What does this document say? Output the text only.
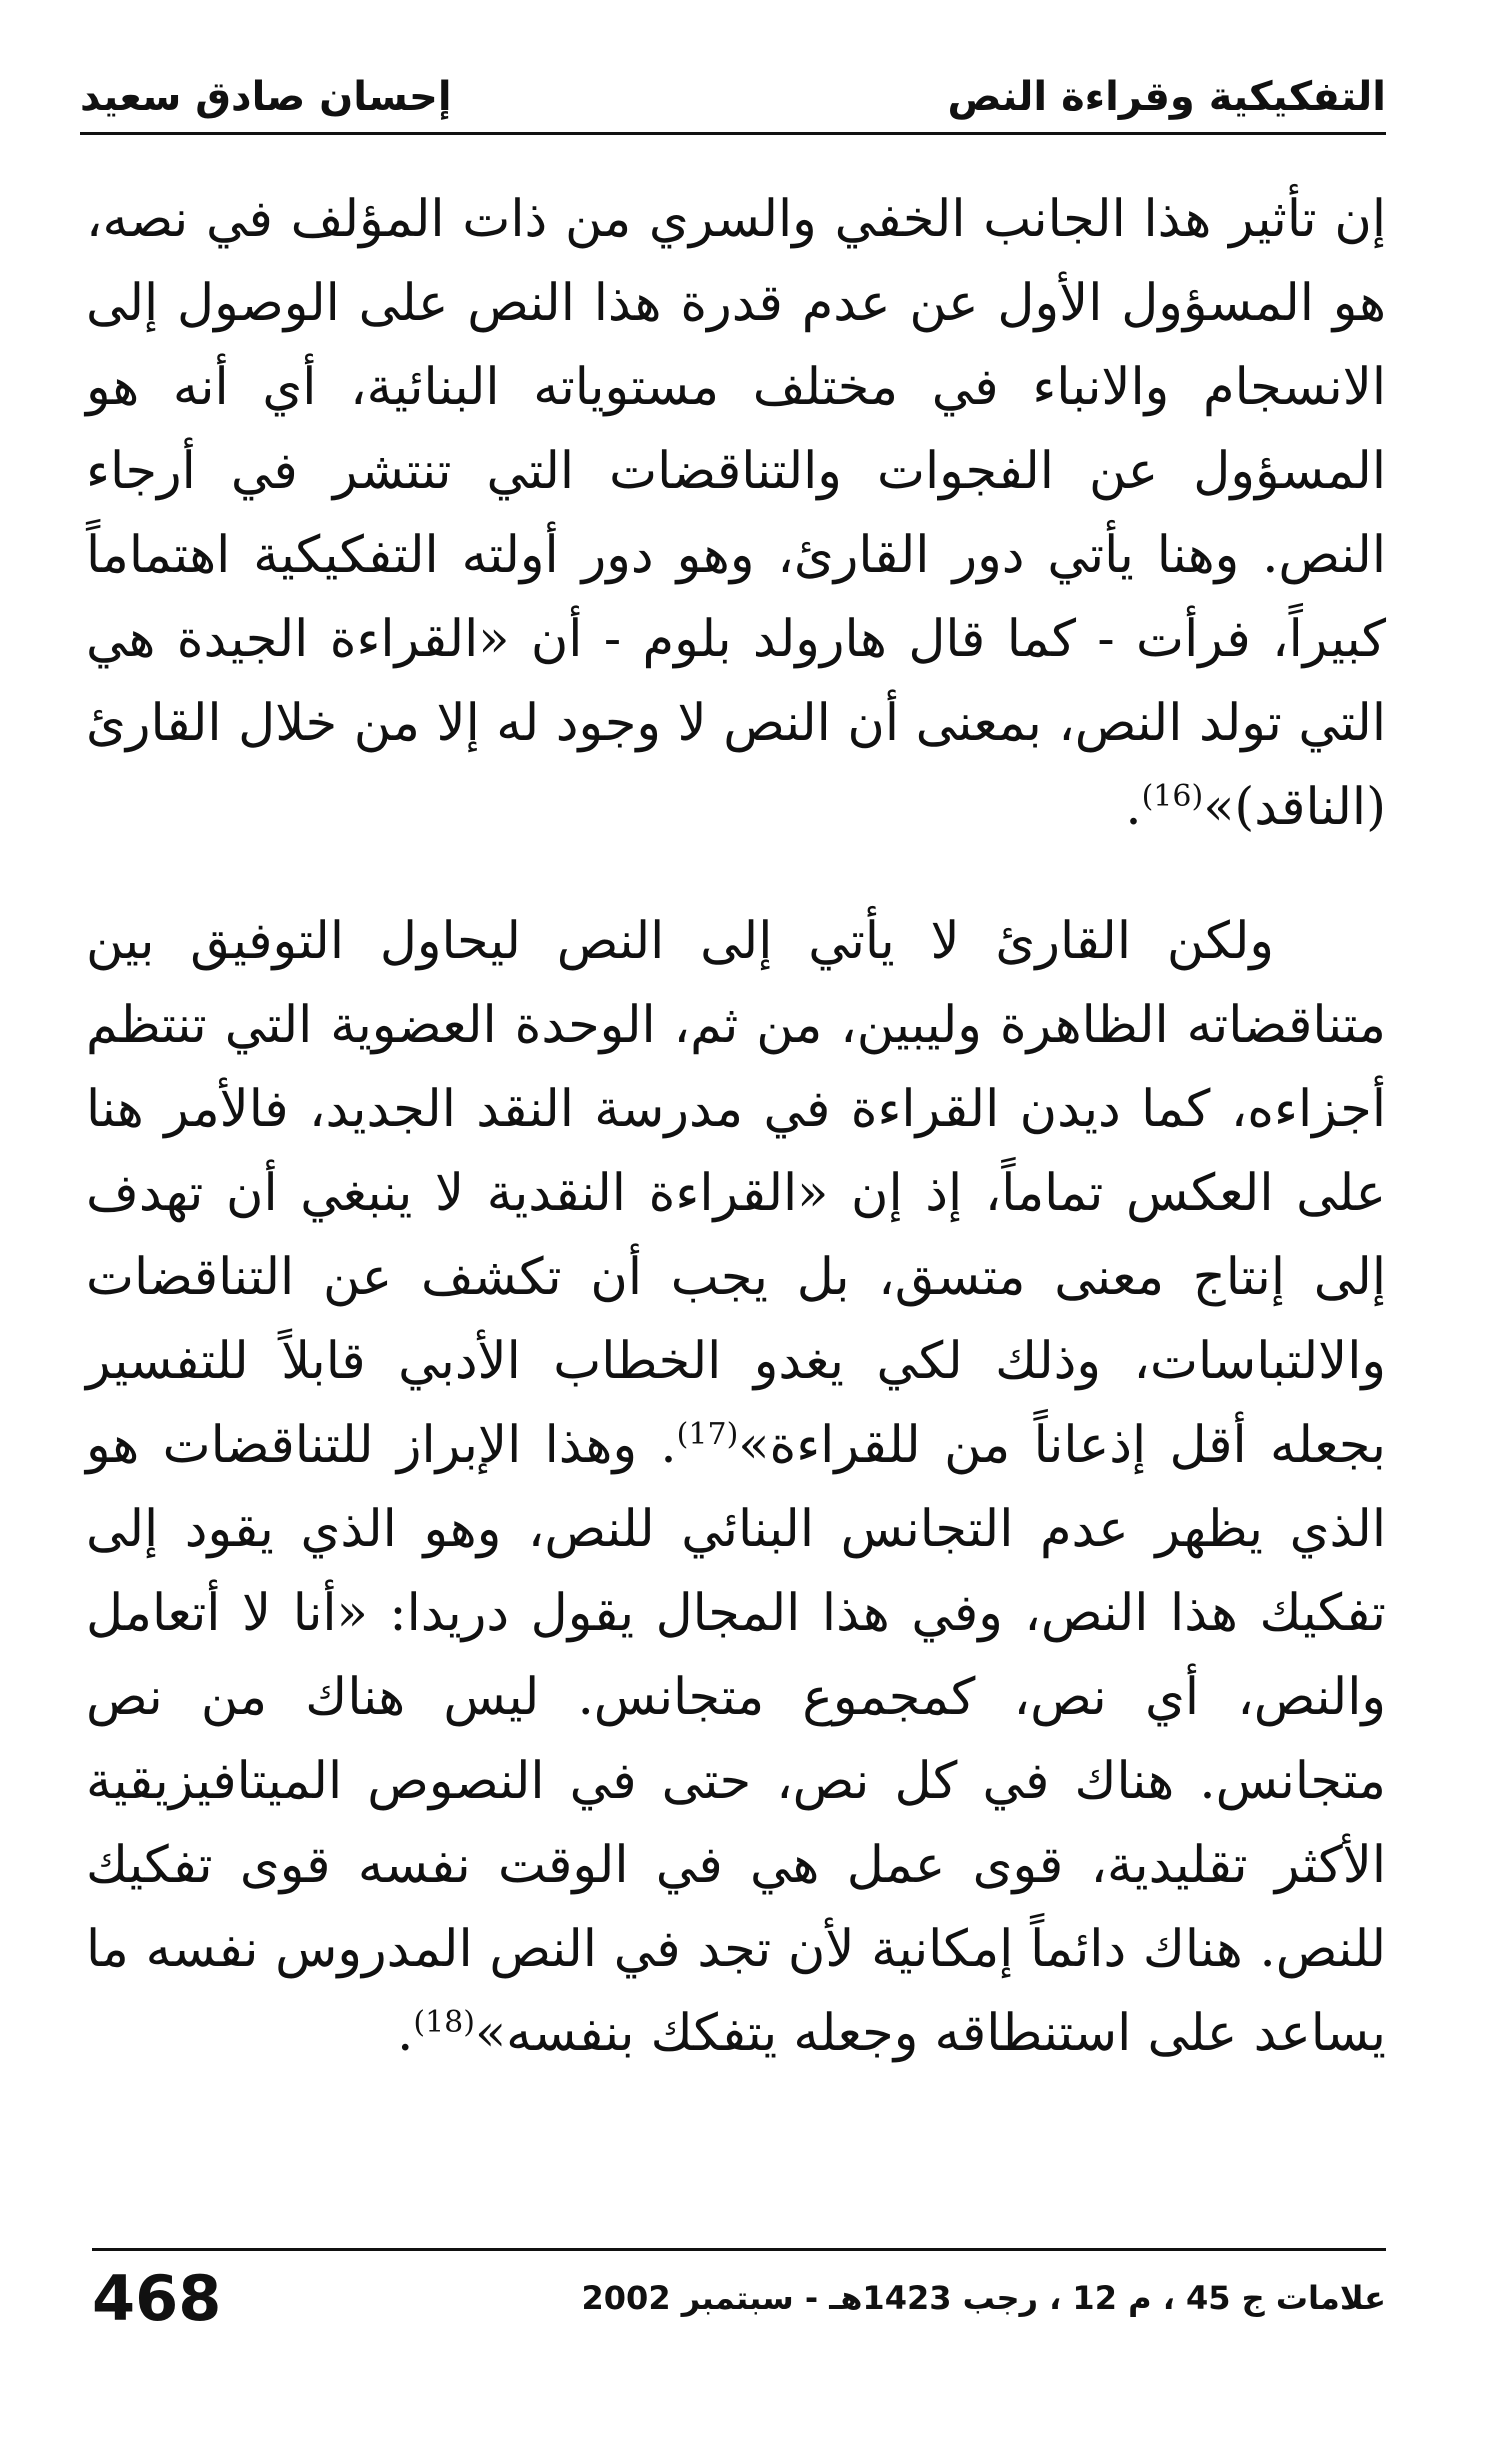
التفكيكية وقراءة النص
إحسان صادق سعيد

إن تأثير هذا الجانب الخفي والسري من ذات المؤلف في نصه، هو المسؤول الأول عن عدم قدرة هذا النص على الوصول إلى الانسجام والانباء في مختلف مستوياته البنائية، أي أنه هو المسؤول عن الفجوات والتناقضات التي تنتشر في أرجاء النص. وهنا يأتي دور القارئ، وهو دور أولته التفكيكية اهتماماً كبيراً، فرأت - كما قال هارولد بلوم - أن «القراءة الجيدة هي التي تولد النص، بمعنى أن النص لا وجود له إلا من خلال القارئ (الناقد)»$^{(16)}$.

ولكن القارئ لا يأتي إلى النص ليحاول التوفيق بين متناقضاته الظاهرة وليبين، من ثم، الوحدة العضوية التي تنتظم أجزاءه، كما ديدن القراءة في مدرسة النقد الجديد، فالأمر هنا على العكس تماماً، إذ إن «القراءة النقدية لا ينبغي أن تهدف إلى إنتاج معنى متسق، بل يجب أن تكشف عن التناقضات والالتباسات، وذلك لكي يغدو الخطاب الأدبي قابلاً للتفسير بجعله أقل إذعاناً من للقراءة»$^{(17)}$. وهذا الإبراز للتناقضات هو الذي يظهر عدم التجانس البنائي للنص، وهو الذي يقود إلى تفكيك هذا النص، وفي هذا المجال يقول دريدا: «أنا لا أتعامل والنص، أي نص، كمجموع متجانس. ليس هناك من نص متجانس. هناك في كل نص، حتى في النصوص الميتافيزيقية الأكثر تقليدية، قوى عمل هي في الوقت نفسه قوى تفكيك للنص. هناك دائماً إمكانية لأن تجد في النص المدروس نفسه ما يساعد على استنطاقه وجعله يتفكك بنفسه»$^{(18)}$.

علامات ج 45 ، م 12 ، رجب 1423هـ - سبتمبر 2002
468
